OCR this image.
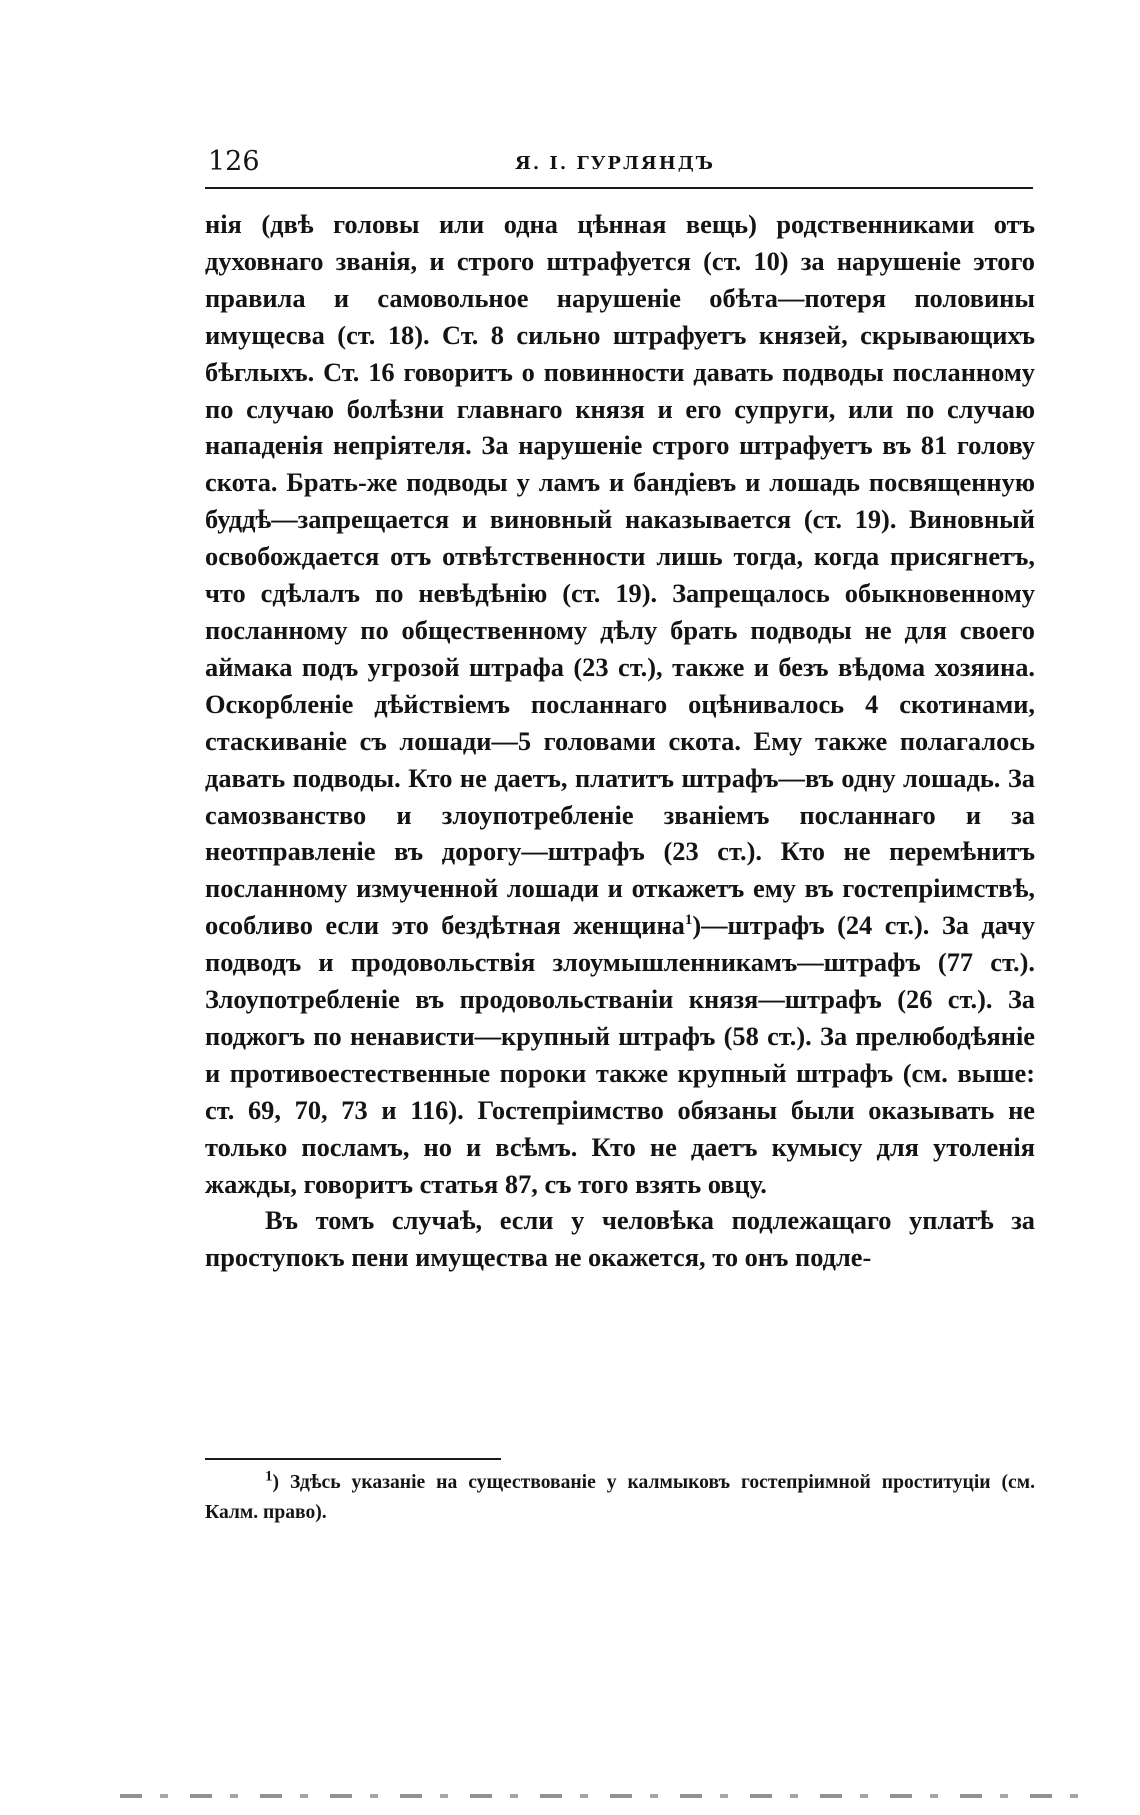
126	Я. I. ГУРЛЯНДЪ

нія (двѣ головы или одна цѣнная вещь) родственниками отъ духовнаго званія, и строго штрафуется (ст. 10) за нарушеніе этого правила и самовольное нарушеніе обѣта—потеря половины имущесвa (ст. 18). Ст. 8 сильно штрафуетъ князей, скрывающихъ бѣглыхъ. Ст. 16 говоритъ о повинности давать подводы посланному по случаю болѣзни главнаго князя и его супруги, или по случаю нападенія непріятеля. За нарушеніе строго штрафуетъ въ 81 голову скота. Брать-же подводы у ламъ и бандіевъ и лошадь посвященную буддѣ—запрещается и виновный наказывается (ст. 19). Виновный освобождается отъ отвѣтственности лишь тогда, когда присягнетъ, что сдѣлалъ по невѣдѣнію (ст. 19). Запрещалось обыкновенному посланному по общественному дѣлу брать подводы не для своего аймака подъ угрозой штрафа (23 ст.), также и безъ вѣдома хозяина. Оскорбленіе дѣйствіемъ посланнаго оцѣнивалось 4 скотинами, стаскиваніе съ лошади—5 головами скота. Ему также полагалось давать подводы. Кто не даетъ, платитъ штрафъ—въ одну лошадь. За самозванство и злоупотребленіе званіемъ посланнаго и за неотправленіе въ дорогу—штрафъ (23 ст.). Кто не перемѣнитъ посланному измученной лошади и откажетъ ему въ гостепріимствѣ, особливо если это бездѣтная женщина$^1$)—штрафъ (24 ст.). За дачу подводъ и продовольствія злоумышленникамъ—штрафъ (77 ст.). Злоупотребленіе въ продовольстваніи князя—штрафъ (26 ст.). За поджогъ по ненависти—крупный штрафъ (58 ст.). За прелюбодѣяніе и противоестественные пороки также крупный штрафъ (см. выше: ст. 69, 70, 73 и 116). Гостепріимство обязаны были оказывать не только посламъ, но и всѣмъ. Кто не даетъ кумысу для утоленія жажды, говоритъ статья 87, съ того взять овцу.

Въ томъ случаѣ, если у человѣка подлежащаго уплатѣ за проступокъ пени имущества не окажется, то онъ подле-

$^1$) Здѣсь указаніе на существованіе у калмыковъ гостепріимной проституціи (см. Калм. право).
